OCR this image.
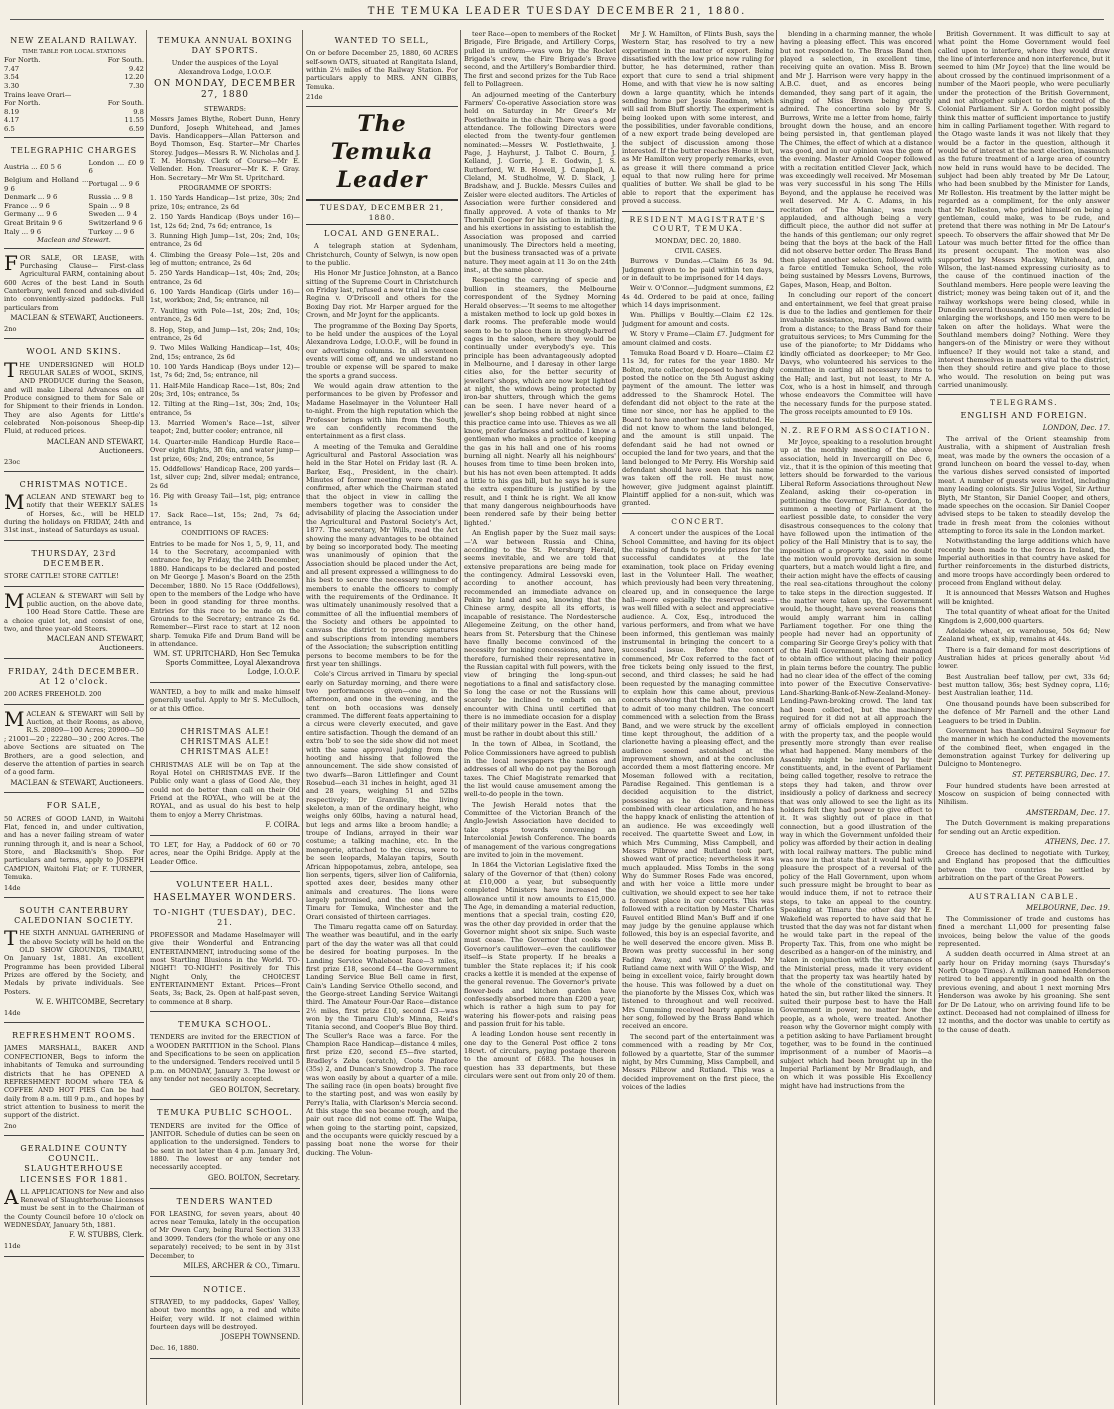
THE TEMUKA LEADER TUESDAY DECEMBER 21, 1880.
NEW ZEALAND RAILWAY.
TIME TABLE FOR LOCAL STATIONS
For North.	For South.
7.47	9.42
3.54	12.20
3.30	7.30
Trains leave Orari—
For North.	For South.
8.19	9.8
4.17	11.55
6.5	6.59
TELEGRAPHIC CHARGES
Austria ... £0 5 6	London ... £0 9 6
Belgium and Holland ... 9 6	Portugal ... 9 6
Denmark ... 9 6	Russia ... 9 8
France ... 9 6	Spain ... 9 8
Germany ... 9 6	Sweden ... 9 4
Great Britain 9 6	Switzerland 9 6
Italy ... 9 6	Turkey ... 9 6
Maclean and Stewart.
F OR SALE, OR LEASE, with Purchasing Clause— First-class Agricultural FARM, containing about 600 Acres of the best Land in South Canterbury, well fenced and sub-divided into conveniently-sized paddocks. Full particulars from

MACLEAN & STEWART, Auctioneers.

2no

WOOL AND SKINS.
T HE UNDERSIGNED will HOLD REGULAR SALES of WOOL, SKINS, AND PRODUCE during the Season, and will make Liberal Advances on all Produce consigned to them for Sale or for Shipment to their friends in London. They are also Agents for Little's celebrated Non-poisonous Sheep-dip Fluid, at reduced prices.

MACLEAN AND STEWART, Auctioneers.

23oc

CHRISTMAS NOTICE.
M ACLEAN AND STEWART beg to notify that their WEEKLY SALES of Horses, &c., will be HELD during the holidays on FRIDAY, 24th and 31st inst., instead of Saturdays as usual.

THURSDAY, 23rd DECEMBER.

STORE CATTLE! STORE CATTLE!

M ACLEAN & STEWART will Sell by public auction, on the above date, 100 Head Store Cattle. These are a choice quiet lot, and consist of one, two, and three year-old Steers.

MACLEAN AND STEWART, Auctioneers.

FRIDAY, 24th DECEMBER. At 12 o'clock.

200 ACRES FREEHOLD. 200

M ACLEAN & STEWART will Sell by Auction, at their Rooms, as above, R.S. 20809—100 Acres; 20900—50 ; 21001—20 ; 22280—30 ; 200 Acres. The above Sections are situated on The Brothers, are a good selection, and deserve the attention of parties in search of a good farm.

MACLEAN & STEWART, Auctioneers.

FOR SALE,

50 ACRES of GOOD LAND, in Waitohi Flat, fenced in, and under cultivation, and has a never failing stream of water running through it, and is near a School, Store, and Blacksmith's Shop. For particulars and terms, apply to JOSEPH CAMPION, Waitohi Flat; or F. TURNER, Temuka.

14de

SOUTH CANTERBURY CALEDONIAN SOCIETY.
T HE SIXTH ANNUAL GATHERING of the above Society will be held on the OLD SHOW GROUNDS, TIMARU, On January 1st, 1881. An excellent Programme has been provided Liberal Prizes are offered by the Society, and Medals by private individuals. See Posters.

W. E. WHITCOMBE, Secretary

14de

REFRESHMENT ROOMS.

JAMES MARSHALL, BAKER AND CONFECTIONER, Begs to inform the inhabitants of Temuka and surrounding districts that he has OPENED A REFRESHMENT ROOM where TEA & COFFEE AND HOT PIES Can be had daily from 8 a.m. till 9 p.m., and hopes by strict attention to business to merit the support of the district.

2no

GERALDINE COUNTY COUNCIL. SLAUGHTERHOUSE LICENSES FOR 1881.
A LL APPLICATIONS for New and also Renewal of Slaughterhouse Licenses must be sent in to the Chairman of the County Council before 10 o'clock on WEDNESDAY, January 5th, 1881.

F. W. STUBBS, Clerk.

11de

TEMUKA ANNUAL BOXING DAY SPORTS.

Under the auspices of the Loyal Alexandrova Lodge, I.O.O.F.

ON MONDAY, DECEMBER 27, 1880

STEWARDS:

Messrs James Blythe, Robert Dunn, Henry Dunford, Joseph Whitehead, and James Davis. Handicappers—Allan Patterson and Boyd Thomson, Esq. Starter—Mr Charles Storey. Judges—Messrs R. W. Nicholas and J. T. M. Hornsby. Clerk of Course—Mr E. Vellender. Hon. Treasurer—Mr K. F. Gray. Hon. Secretary—Mr Wm St. Upritchard.

PROGRAMME OF SPORTS:

1. 150 Yards Handicap—1st prize, 30s; 2nd prize, 10s; entrance, 2s 6d

2. 150 Yards Handicap (Boys under 16)—1st, 12s 6d; 2nd, 7s 6d; entrance, 1s

3. Running High Jump—1st, 20s; 2nd, 10s; entrance, 2s 6d

4. Climbing the Greasy Pole—1st, 20s and leg of mutton; entrance, 2s 6d

5. 250 Yards Handicap—1st, 40s; 2nd, 20s; entrance, 2s 6d

6. 100 Yards Handicap (Girls under 16)—1st, workbox; 2nd, 5s; entrance, nil

7. Vaulting with Pole—1st, 20s; 2nd, 10s; entrance, 2s 6d

8. Hop, Step, and Jump—1st, 20s; 2nd, 10s; entrance, 2s 6d

9. Two Miles Walking Handicap—1st, 40s; 2nd, 15s; entrance, 2s 6d

10. 100 Yards Handicap (Boys under 12)—1st, 7s 6d; 2nd, 5s; entrance, nil

11. Half-Mile Handicap Race—1st, 80s; 2nd 20s; 3rd, 10s; entrance, 5s

12. Tilting at the Ring—1st, 30s; 2nd, 10s; entrance, 5s

13. Married Women's Race—1st, silver teapot; 2nd, butter cooler; entrance, nil

14. Quarter-mile Handicap Hurdle Race—Over eight flights, 3ft 6in, and water jump—1st prize, 60s; 2nd, 20s; entrance, 5s

15. Oddfellows' Handicap Race, 200 yards—1st, silver cup; 2nd, silver medal; entrance, 2s 6d

16. Pig with Greasy Tail—1st, pig; entrance 1s

17. Sack Race—1st, 15s; 2nd, 7s 6d; entrance, 1s

CONDITIONS OF RACES:

Entries to be made for Nos 1, 5, 9, 11, and 14 to the Secretary, accompanied with entrance fee, by Friday, the 24th December, 1880. Handicaps to be declared and posted on Mr George J. Mason's Board on the 25th December, 1880. No 15 Race (Oddfellows), open to the members of the Lodge who have been in good standing for three months. Entries for this race to be made on the Grounds to the Secretary; entrance 2s 6d. Remember—First race to start at 12 noon sharp. Temuka Fife and Drum Band will be in attendance.

WM. ST. UPRITCHARD, Hon Sec Temuka Sports Committee, Loyal Alexandrova Lodge, I.O.O.F.

WANTED, a boy to milk and make himself generally useful. Apply to Mr S. McCulloch, or at this Office.

CHRISTMAS ALE! CHRISTMAS ALE! CHRISTMAS ALE!

CHRISTMAS ALE will be on Tap at the Royal Hotel on CHRISTMAS EVE. If the Public only want a glass of Good Ale, they could not do better than call on their Old Friend at the ROYAL, who will be at the ROYAL, and as usual do his best to help them to enjoy a Merry Christmas.

F. COIRA.

TO LET, for Hay, a Paddock of 60 or 70 acres, near the Opihi Bridge. Apply at the Leader Office.

VOLUNTEER HALL.
HASELMAYER WONDERS.
TO-NIGHT (TUESDAY), DEC. 21.

PROFESSOR and Madame Haselmayer will give their Wonderful and Entrancing ENTERTAINMENT, introducing some of the most Startling Illusions in the World. TO-NIGHT! TO-NIGHT! Positively for This Night Only, the CHOICEST ENTERTAINMENT Extant. Prices—Front Seats, 3s; Back, 2s. Open at half-past seven, to commence at 8 sharp.

TEMUKA SCHOOL.

TENDERS are invited for the ERECTION of a WOODEN PARTITION in the School. Plans and Specifications to be seen on application to the undersigned. Tenders received until 5 p.m. on MONDAY, January 3. The lowest or any tender not necessarily accepted.

GEO BOLTON, Secretary.

TEMUKA PUBLIC SCHOOL.

TENDERS are invited for the Office of JANITOR. Schedule of duties can be seen on application to the undersigned. Tenders to be sent in not later than 4 p.m. January 3rd, 1880. The lowest or any tender not necessarily accepted.

GEO. BOLTON, Secretary.

TENDERS WANTED

FOR LEASING, for seven years, about 40 acres near Temuka, lately in the occupation of Mr Owen Cary, being Rural Section 3133 and 3099. Tenders (for the whole or any one separately) received; to be sent in by 31st December, to

MILES, ARCHER & CO., Timaru.

NOTICE.

STRAYED, to my paddocks, Gapes' Valley, about two months ago, a red and white Heifer, very wild. If not claimed within fourteen days will be destroyed.

JOSEPH TOWNSEND.

Dec. 16, 1880.

WANTED TO SELL,

On or before December 25, 1880, 60 ACRES self-sown OATS, situated at Rangitata Island, within 2½ miles of the Railway Station. For particulars apply to MRS. ANN GIBBS, Temuka.

21de

The Temuka Leader
TUESDAY, DECEMBER 21, 1880.
LOCAL AND GENERAL.

A telegraph station at Sydenham, Christchurch, County of Selwyn, is now open to the public.

His Honor Mr Justice Johnston, at a Banco sitting of the Supreme Court in Christchurch on Friday last, refused a new trial in the case Regina v. O'Driscoll and others for the Boxing Day riot. Mr Harper argued for the Crown, and Mr Joynt for the applicants.

The programme of the Boxing Day Sports, to be held under the auspices of the Loyal Alexandrova Lodge, I.O.O.F., will be found in our advertising columns. In all seventeen events will come off, and we understand no trouble or expense will be spared to make the sports a grand success.

We would again draw attention to the performances to be given by Professor and Madame Haselmayer in the Volunteer Hall to-night. From the high reputation which the Professor brings with him from the South, we can confidently recommend the entertainment as a first class.

A meeting of the Temuka and Geraldine Agricultural and Pastoral Association was held in the Star Hotel on Friday last (R. A. Barker, Esq., President, in the chair). Minutes of former meeting were read and confirmed, after which the Chairman stated that the object in view in calling the members together was to consider the advisability of placing the Association under the Agricultural and Pastoral Society's Act, 1877. The secretary, Mr Wills, read the Act showing the many advantages to be obtained by being so incorporated body. The meeting was unanimously of opinion that the Association should be placed under the Act, and all present expressed a willingness to do his best to secure the necessary number of members to enable the officers to comply with the requirements of the Ordinance. It was ultimately unanimously resolved that a committee of all the influential members of the Society and others be appointed to canvass the district to procure signatures and subscriptions from intending members of the Association; the subscription entitling persons to become members to be for the first year ten shillings.

Cole's Circus arrived in Timaru by special early on Saturday morning, and there were two performances given—one in the afternoon, and one in the evening, and the tent on both occasions was densely crammed. The different feats appertaining to a circus were cleverly executed, and gave entire satisfaction. Though the demand of an extra 'bob' to see the side show did not meet with the same approval judging from the hooting and hissing that followed the announcement. The side show consisted of two dwarfs—Baron Littlefinger and Count Rosebud—each 31 inches in height, aged 31 and 28 years, weighing 51 and 52lbs respectively; Dr Granville, the living skeleton, a man of the ordinary height, who weighs only 60lbs, having a natural head, but legs and arms like a broom handle; a troupe of Indians, arrayed in their war costume; a talking machine, etc. In the menagerie, attached to the circus, were to be seen leopards, Malayan tapirs, South African hippopotamus, zebra, antelope, sea lion serpents, tigers, silver lion of California, spotted axes deer, besides many other animals and creatures. The lions were largely patronised, and the one that left Timaru for Temuka, Winchester and the Orari consisted of thirteen carriages.

The Timaru regatta came off on Saturday. The weather was beautiful, and in the early part of the day the water was all that could be desired for boating purposes. In the Landing Service Whaleboat Race—3 miles, first prize £18, second £4—the Government Landing Service Blue Bell came in first, Cain's Landing Service Othello second, and the George-street Landing Service Waitangi third. The Amateur Four-Oar Race—distance 2½ miles, first prize £10, second £3—was won by the Timaru Club's Minna, Reid's Titania second, and Cooper's Blue Boy third. The Sculler's Race was a farce. For the Champion Race Handicap—distance 4 miles, first prize £20, second £5—five started, Bradley's Zeba (scratch), Coote Pinafore (35s) 2, and Duncan's Snowdrop 3. The race was won easily by about a quarter of a mile. The sailing race (in open boats) brought five to the starting post, and was won easily by Perry's Italia, with Clarkson's Mercia second. At this stage the sea became rough, and the pair out race did not come off. The Waipa, when going to the starting point, capsized, and the occupants were quickly rescued by a passing boat none the worse for their ducking. The Volun-

teer Race—open to members of the Rocket Brigade, Fire Brigade, and Artillery Corps, pulled in uniform—was won by the Rocket Brigade's crew, the Fire Brigade's Brave second, and the Artillery's Bombardier third. The first and second prizes for the Tub Race fell to Pollagreen.

An adjourned meeting of the Canterbury Farmers' Co-operative Association store was held on Saturday in Mr Greer's Mr Postlethwaite in the chair. There was a good attendance. The following Directors were elected from the twenty-four gentlemen nominated:—Messrs W. Postlethwaite, J. Page, J. Hayhurst, J. Talbot C. Bourn, J. Kelland, J. Gorrie, J. E. Godwin, J. S. Rutherford, W. B. Howell, J. Campbell, A. Cleland, M. Studholme, W. D. Slack, J. Bradshaw, and J. Buckle. Messrs Cuiles and Zeisler were elected auditors. The Articles of Association were further considered and finally approved. A vote of thanks to Mr Thornhill Cooper for his action in initiating, and his exertions in assisting to establish the Association was proposed and carried unanimously. The Directors held a meeting, but the business transacted was of a private nature. They meet again at 11 3o on the 24th inst., at the same place.

Respecting the carrying of specie and bullion in steamers, the Melbourne correspondent of the Sydney Morning Herald observes:—'It seems to me altogether a mistaken method to lock up gold boxes in dark rooms. The preferable mode would seem to be to place them in strongly-barred cages in the saloon, where they would be continually under everybody's eye. This principle has been advantageously adopted in Melbourne, and I daresay in other large cities also, for the better security of jewellers' shops, which are now kept lighted at night, the windows being protected by iron-bar shutters, through which the gems can be seen. I have never heard of a jeweller's shop being robbed at night since this practice came into use. Thieves as we all know, prefer darkness and solitude. I know a gentleman who makes a practice of keeping the gas in his hall and one of his rooms burning all night. Nearly all his neighbours' houses from time to time been broken into, but his has not even been attempted. It adds a little to his gas bill, but he says he is sure the extra expenditure is justified by the result, and I think he is right. We all know that many dangerous neighbourhoods have been rendered safe by their being better lighted.'

An English paper by the Suez mail says:—'A war between Russia and China, according to the St. Petersburg Herald, seems inevitable, and we are told that extensive preparations are being made for the contingency. Admiral Lessovski even, according to another account, has recommended an immediate advance on Pekin by land and sea, knowing that the Chinese army, despite all its efforts, is incapable of resistance. The Nordestersche Allegemeine Zeitung, on the other hand, hears from St. Petersburg that the Chinese have finally become convinced of the necessity for making concessions, and have, therefore, furnished their representative in the Russian capital with full powers, with the view of bringing the long-spun-out negotiations to a final and satisfactory close. So long the case or not the Russians will scarcely be inclined to embark on an encounter with China until certified that there is no immediate occasion for a display of their military power in the East. And they must be rather in doubt about this still.'

In the town of Albea, in Scotland, the Police Commissioners have agreed to publish in the local newspapers the names and addresses of all who do not pay the Borough taxes. The Chief Magistrate remarked that the list would cause amusement among the well-to-do people in the town.

The Jewish Herald notes that the Committee of the Victorian Branch of the Anglo-Jewish Association have decided to take steps towards convening an Intercolonial Jewish Conference. The boards of management of the various congregations are invited to join in the movement.

In 1864 the Victorian Legislative fixed the salary of the Governor of that (then) colony at £10,000 a year, but subsequently completed Ministers have increased the allowance until it now amounts to £15,000. The Age, in demanding a material reduction, mentions that a special train, costing £20, was the other day provided in order that the Governor might shoot six snipe. Such waste must cease. The Governor that cooks the Governor's cauliflower—even the cauliflower itself—is State property. If he breaks a tumbler the State replaces it; if his cook cracks a kettle it is mended at the expense of the general revenue. The Governor's private flower-beds and kitchen garden have confessedly absorbed more than £200 a year, which is rather a high sum to pay for watering his flower-pots and raising peas and passion fruit for his table.

A leading London house sent recently in one day to the General Post office 2 tons 18cwt. of circulars, paying postage thereon to the amount of £683. The houses in question has 33 departments, but these circulars were sent out from only 20 of them.

Mr J. W. Hamilton, of Flints Bush, says the Western Star, has resolved to try a new experiment in the matter of export. Being dissatisfied with the low price now ruling for butter, he has determined, rather than export that cure to send a trial shipment Home, and with that view he is now salting down a large quantity, which he intends sending home per Jessie Readman, which will sail from Bluff shortly. The experiment is being looked upon with some interest, and the possibilities, under favorable conditions, of a new export trade being developed are the subject of discussion among those interested. If the butter reaches Home it but, as Mr Hamilton very properly remarks, even as grease it will there command a price equal to that now ruling here for prime qualities of butter. We shall be glad to be able to report that the experiment has proved a success.

RESIDENT MAGISTRATE'S COURT, TEMUKA.

MONDAY, DEC. 20, 1880.

CIVIL CASES.

Burrows v Dundas.—Claim £6 3s 9d. Judgment given to be paid within ten days, or in default to be imprisoned for 14 days.

Weir v. O'Connor.—Judgment summons, £2 4s 4d. Ordered to be paid at once, failing which 14 days imprisonment.

Wm. Phillips v Boultly.—Claim £2 12s. Judgment for amount and costs.

W. Story v Frame—Claim £7. Judgment for amount claimed and costs.

Temuka Road Board v D. Hoare—Claim £2 11s 3d, for rates for the year 1880. Mr Bolton, rate collector, deposed to having duly posted the notice on the 5th August asking payment of the amount. The letter was addressed to the Shamrock Hotel. The defendant did not object to the rate at the time nor since, nor has he applied to the Board to have another name substituted. He did not know to whom the land belonged, and the amount is still unpaid. The defendant said he had not owned or occupied the land for two years, and that the land belonged to Mr Perry. His Worship said defendant should have seen that his name was taken off the roll. He must now, however, give judgment against plaintiff. Plaintiff applied for a non-suit, which was granted.

CONCERT.

A concert under the auspices of the Local School Committee, and having for its object the raising of funds to provide prizes for the successful candidates at the late examination, took place on Friday evening last in the Volunteer Hall. The weather, which previously had been very threatening, cleared up, and in consequence the large hall—more especially the reserved seats—was well filled with a select and appreciative audience. A. Cox, Esq., introduced the various performers, and from what we have been informed, this gentleman was mainly instrumental in bringing the concert to a successful issue. Before the concert commenced, Mr Cox referred to the fact of free tickets being only issued to the first, second, and third classes; he said he had been requested by the managing committee to explain how this came about, previous concerts showing that the hall was too small to admit of too many children. The concert commenced with a selection from the Brass Band, and we were struck by the excellent time kept throughout, the addition of a clarionette having a pleasing effect, and the audience seemed astonished at the improvement shown, and at the conclusion accorded them a most flattering encore. Mr Moseman followed with a recitation, Paradise Regained. This gentleman is a decided acquisition to the district, possessing as he does rare firmness combined with clear articulation, and he has the happy knack of enlisting the attention of an audience. He was exceedingly well received. The quartette Sweet and Low, in which Mrs Cumming, Miss Campbell, and Messrs Pilbrow and Rutland took part, showed want of practice; nevertheless it was much applauded. Miss Tombs in the song Why do Summer Roses Fade was encored, and with her voice a little more under cultivation, we should expect to see her take a foremost place in our concerts. This was followed with a recitation by Master Charles Fauvel entitled Blind Man's Buff and if one may judge by the genuine applause which followed, this boy is an especial favorite, and he well deserved the encore given. Miss B. Brown was pretty successful in her song Fading Away, and was applauded. Mr Rutland came next with Will O' the Wisp, and being in excellent voice, fairly brought down the house. This was followed by a duet on the pianoforte by the Misses Cox, which was listened to throughout and well received. Mrs Cumming received hearty applause in her song, followed by the Brass Band which received an encore.

The second part of the entertainment was commenced with a reading by Mr Cox, followed by a quartette, Star of the summer night, by Mrs Cumming, Miss Campbell, and Messrs Pilbrow and Rutland. This was a decided improvement on the first piece, the voices of the ladies

blending in a charming manner, the whole having a pleasing effect. This was encored but not responded to. The Brass Band then played a selection, in excellent time, receiving quite an ovation. Miss B. Brown and Mr J. Harrison were very happy in the A.B.C. duet, and as encores being demanded, they sang part of it again, the singing of Miss Brown being greatly admired. The concertina solo by Mr S. Burrows, Write me a letter from home, fairly brought down the house, and an encore being persisted in, that gentleman played The Chimes, the effect of which at a distance was good, and in our opinion was the gem of the evening. Master Arnold Cooper followed with a recitation entitled Clever Jack, which was exceedingly well received. Mr Moseman was very successful in his song The Hills Beyond, and the applause he received was well deserved. Mr A. C. Adams, in his recitation of The Maniac, was much applauded, and although being a very difficult piece, the author did not suffer at the hands of this gentleman; our only regret being that the boys at the back of the Hall did not observe better order. The Brass Band then played another selection, followed with a farce entitled Temuka School, the role being sustained by Messrs Lovens, Burrows, Gapes, Mason, Heap, and Bolton.

In concluding our report of the concert and entertainment, we feel that great praise is due to the ladies and gentlemen for their invaluable assistance, many of whom came from a distance; to the Brass Band for their gratuitous services; to Mrs Cumming for the use of the pianoforte; to Mr Diddams who kindly officiated as doorkeeper; to Mr Geo. Davys, who volunteered his services to the committee in carting all necessary items to the Hall; and last, but not least, to Mr A. Cox, who is a host in himself, and through whose endeavors the Committee will have the necessary funds for the purpose stated. The gross receipts amounted to £9 10s.

N.Z. REFORM ASSOCIATION.

Mr Joyce, speaking to a resolution brought up at the monthly meeting of the above association, held in Invercargill on Dec 6, viz., that it is the opinion of this meeting that letters should be forwarded to the various Liberal Reform Associations throughout New Zealand, asking their co-operation in petitioning the Governor, Sir A. Gordon, to summon a meeting of Parliament at the earliest possible date, to consider the very disastrous consequences to the colony that have followed upon the intimation of the policy of the Hall Ministry that is to say, the imposition of a property tax, said no doubt the motion would provoke derision in some quarters, but a match would light a fire, and their action might have the effects of causing the real sea-citations throughout the colony to take steps in the direction suggested. If the matter were taken up, the Government would, he thought, have several reasons that would amply warrant him in calling Parliament together. For one thing the people had never had an opportunity of comparing Sir George Grey's policy with that of the Hall Government, who had managed to obtain office without placing their policy in plain terms before the country. The public had no clear idea of the effect of the coming into power of the Executive Conservative-Land-Sharking-Bank-of-New-Zealand-Money-Lending-Pawn-broking crowd. The land tax had been collected, but the machinery required for it did not at all approach the army of officials employed in connection with the property tax, and the people would presently more strongly than ever realise what had happened. Many members of the Assembly might be influenced by their constituents, and, in the event of Parliament being called together, resolve to retrace the steps they had taken, and throw over insidiously a policy of darkness and secrecy that was only allowed to see the light as its holders felt they had power to give effect to it. It was slightly out of place in that connection, but a good illustration of the way in which the Government unfolded their policy was afforded by their action in dealing with local railway matters. The public mind was now in that state that it would hail with pleasure the prospect of a reversal of the policy of the Hall Government, upon whom such pressure might be brought to bear as would induce them, if not to retrace their steps, to take an appeal to the country. Speaking at Timaru the other day Mr E. Wakefield was reported to have said that he trusted that the day was not far distant when he would take part in the repeal of the Property Tax. This, from one who might be described as a hanger-on of the ministry, and taken in conjunction with the utterances of the Ministerial press, made it very evident that the property tax was heartily hated by the whole of the constitutional way. They hated the sin, but rather liked the sinners. It suited their purpose best to have the Hall Government in power, no matter how the people, as a whole, were treated. Another reason why the Governor might comply with a petition asking to have Parliament brought together, was to be found in the continued imprisonment of a number of Maoris—a subject which had been brought up in the Imperial Parliament by Mr Bradlaugh, and on which it was possible His Excellency might have had instructions from the

British Government. It was difficult to say at what point the Home Government would feel called upon to interfere, where they would draw the line of interference and non interference, but it seemed to him (Mr Joyce) that the line would be about crossed by the continued imprisonment of a number of the Maori people, who were peculiarly under the protection of the British Government, and not altogether subject to the control of the Colonial Parliament. Sir A. Gordon might possibly think this matter of sufficient importance to justify him in calling Parliament together. With regard to the Otago waste lands it was not likely that they would be a factor in the question, although it would be of interest at the next election, inasmuch as the future treatment of a large area of country now held in runs would have to be decided. The subject had been ably treated by Mr De Latour, who had been snubbed by the Minister for Lands, Mr Rolleston. His treatment by the latter might be regarded as a compliment, for the only answer that Mr Rolleston, who prided himself on being a gentleman, could make, was to be rude, and pretend that there was nothing in Mr De Latour's speech. To observers the affair showed that Mr De Latour was much better fitted for the office than its present occupant. The motion was also supported by Messrs Mackay, Whitehead, and Wilson, the last-named expressing curiosity as to the cause of the continued inaction of the Southland members. Here people were leaving the district; money was being taken out of it, and the railway workshops were being closed, while in Dunedin several thousands were to be expended in enlarging the workshops, and 150 men were to be taken on after the holidays. What were the Southland members doing? Nothing. Were they hangers-on of the Ministry or were they without influence? If they would not take a stand, and interest themselves in matters vital to the district, then they should retire and give place to those who would. The resolution on being put was carried unanimously.

TELEGRAMS.
ENGLISH AND FOREIGN.

LONDON, Dec. 17.

The arrival of the Orient steamship from Australia, with a shipment of Australian fresh meat, was made by the owners the occasion of a grand luncheon on board the vessel to-day, when the various dishes served consisted of imported meat. A number of guests were invited, including many leading colonists. Sir Julius Vogel, Sir Arthur Blyth, Mr Stanton, Sir Daniel Cooper, and others, made speeches on the occasion. Sir Daniel Cooper advised steps to be taken to steadily develop the trade in fresh meat from the colonies without attempting to force its sale in the London market.

Notwithstanding the large additions which have recently been made to the forces in Ireland, the Imperial authorities in that country have asked for further reinforcements in the disturbed districts, and more troops have accordingly been ordered to proceed from England without delay.

It is announced that Messrs Watson and Hughes will be knighted.

The total quantity of wheat afloat for the United Kingdom is 2,600,000 quarters.

Adelaide wheat, ex warehouse, 50s 6d; New Zealand wheat, ex ship, remains at 44s.

There is a fair demand for most descriptions of Australian hides at prices generally about ½d lower.

Best Australian beef tallow, per cwt, 33s 6d; best mutton tallow, 36s; best Sydney copra, L16; best Australian leather, 11d.

One thousand pounds have been subscribed for the defence of Mr Parnell and the other Land Leaguers to be tried in Dublin.

Government has thanked Admiral Seymour for the manner in which he conducted the movements of the combined fleet, when engaged in the demonstration against Turkey for delivering up Dulcigno to Montenegro.

ST. PETERSBURG, Dec. 17.

Four hundred students have been arrested at Moscow on suspicion of being connected with Nihilism.

AMSTERDAM, Dec. 17.

The Dutch Government is making preparations for sending out an Arctic expedition.

ATHENS, Dec. 17.

Greece has declined to negotiate with Turkey, and England has proposed that the difficulties between the two countries be settled by arbitration on the part of the Great Powers.

AUSTRALIAN CABLE.

MELBOURNE, Dec. 19.

The Commissioner of trade and customs has fined a merchant L1,000 for presenting false invoices, being below the value of the goods represented.

A sudden death occurred in Alma street at an early hour on Friday morning (says Thursday's North Otago Times). A milkman named Henderson retired to bed apparently in good health on the previous evening, and about 1 next morning Mrs Henderson was awoke by his groaning. She sent for Dr De Latour, who on arriving found life to be extinct. Deceased had not complained of illness for 12 months, and the doctor was unable to certify as to the cause of death.
